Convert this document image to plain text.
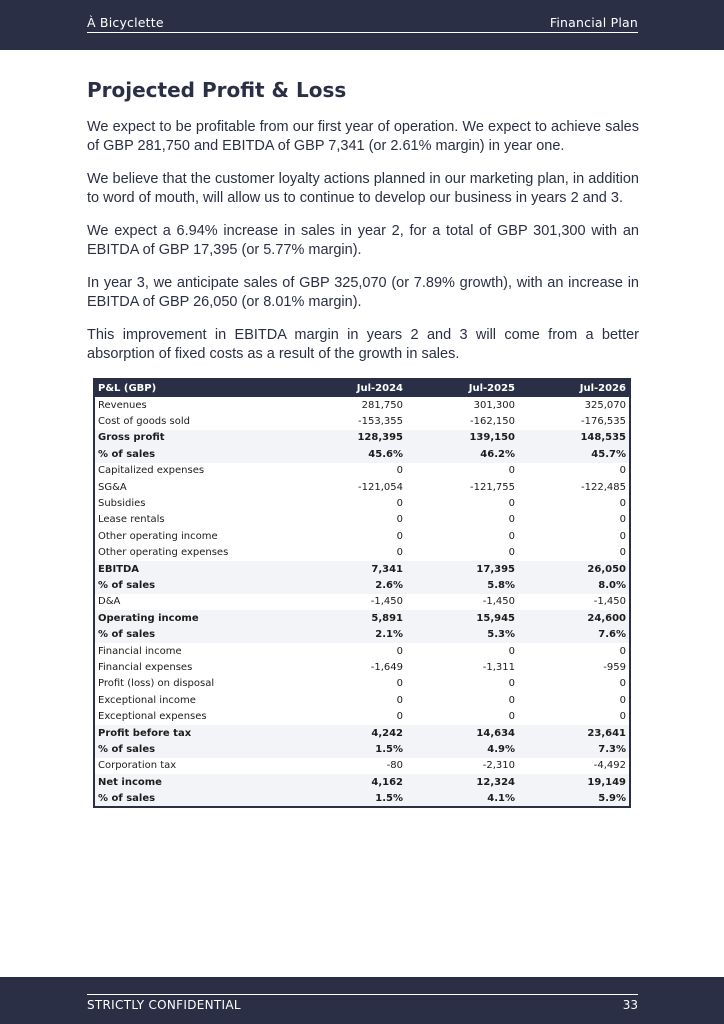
À Bicyclette	Financial Plan
Projected Profit & Loss

We expect to be profitable from our first year of operation. We expect to achieve sales of GBP 281,750 and EBITDA of GBP 7,341 (or 2.61% margin) in year one.

We believe that the customer loyalty actions planned in our marketing plan, in addition to word of mouth, will allow us to continue to develop our business in years 2 and 3.

We expect a 6.94% increase in sales in year 2, for a total of GBP 301,300 with an EBITDA of GBP 17,395 (or 5.77% margin).

In year 3, we anticipate sales of GBP 325,070 (or 7.89% growth), with an increase in EBITDA of GBP 26,050 (or 8.01% margin).

This improvement in EBITDA margin in years 2 and 3 will come from a better absorption of fixed costs as a result of the growth in sales.

P&L (GBP)	Jul-2024	Jul-2025	Jul-2026
Revenues	281,750	301,300	325,070
Cost of goods sold	-153,355	-162,150	-176,535
Gross profit	128,395	139,150	148,535
% of sales	45.6%	46.2%	45.7%
Capitalized expenses	0	0	0
SG&A	-121,054	-121,755	-122,485
Subsidies	0	0	0
Lease rentals	0	0	0
Other operating income	0	0	0
Other operating expenses	0	0	0
EBITDA	7,341	17,395	26,050
% of sales	2.6%	5.8%	8.0%
D&A	-1,450	-1,450	-1,450
Operating income	5,891	15,945	24,600
% of sales	2.1%	5.3%	7.6%
Financial income	0	0	0
Financial expenses	-1,649	-1,311	-959
Profit (loss) on disposal	0	0	0
Exceptional income	0	0	0
Exceptional expenses	0	0	0
Profit before tax	4,242	14,634	23,641
% of sales	1.5%	4.9%	7.3%
Corporation tax	-80	-2,310	-4,492
Net income	4,162	12,324	19,149
% of sales	1.5%	4.1%	5.9%
STRICTLY CONFIDENTIAL	33
